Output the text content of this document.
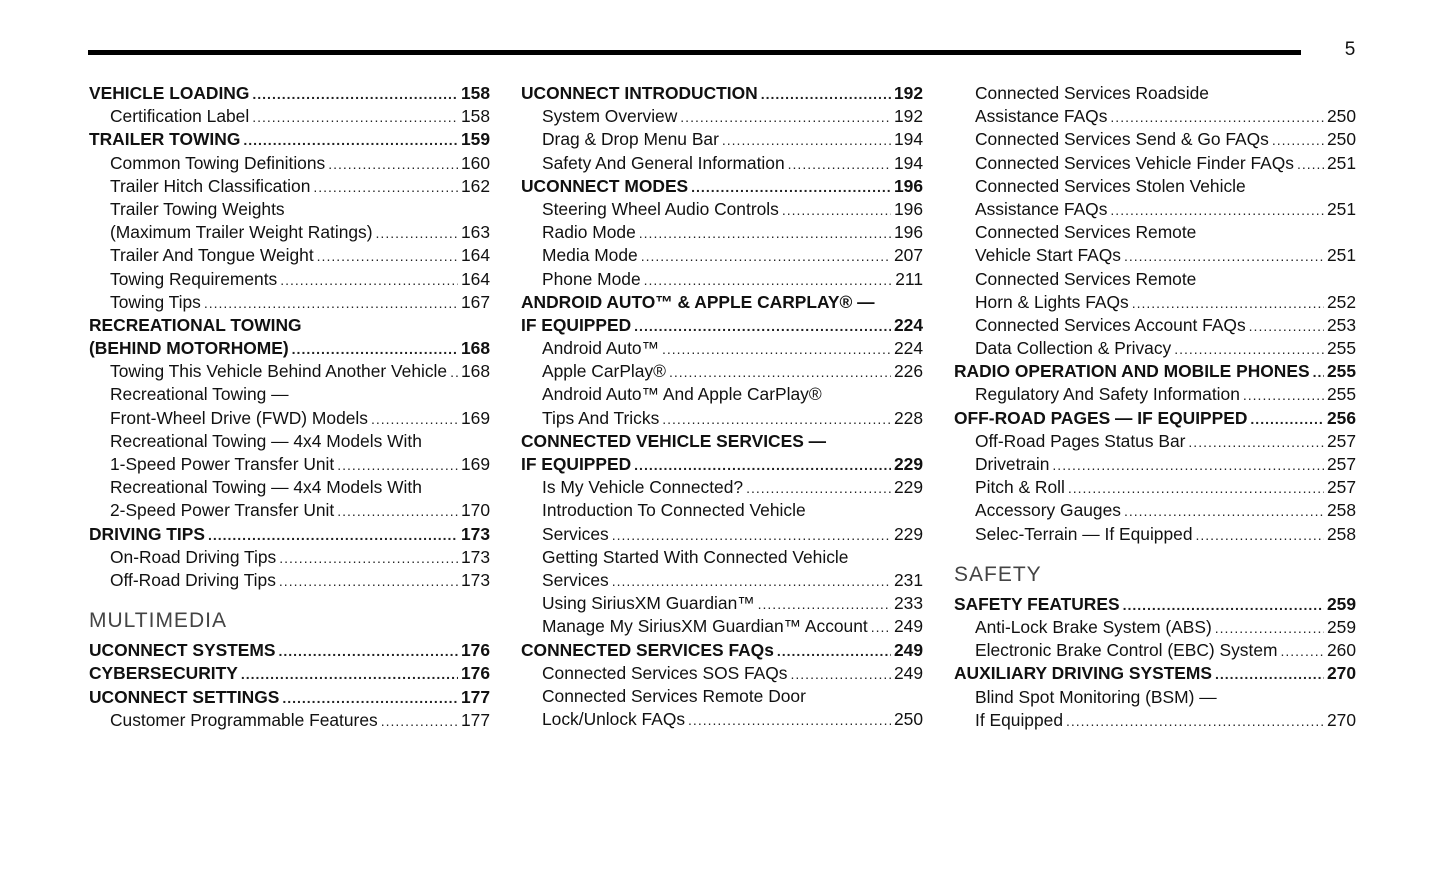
5
VEHICLE LOADING .....	158
Certification Label .....	158
TRAILER TOWING .....	159
Common Towing Definitions .....	160
Trailer Hitch Classification .....	162
Trailer Towing Weights
(Maximum Trailer Weight Ratings) .....	163
Trailer And Tongue Weight .....	164
Towing Requirements .....	164
Towing Tips .....	167
RECREATIONAL TOWING
(BEHIND MOTORHOME) .....	168
Towing This Vehicle Behind Another Vehicle ..... 168
Recreational Towing —
Front-Wheel Drive (FWD) Models .....	169
Recreational Towing — 4x4 Models With
1-Speed Power Transfer Unit .....	169
Recreational Towing — 4x4 Models With
2-Speed Power Transfer Unit .....	170
DRIVING TIPS .....	173
On-Road Driving Tips .....	173
Off-Road Driving Tips .....	173
MULTIMEDIA
UCONNECT SYSTEMS .....	176
CYBERSECURITY .....	176
UCONNECT SETTINGS .....	177
Customer Programmable Features .....	177
UCONNECT INTRODUCTION .....	192
System Overview .....	192
Drag & Drop Menu Bar .....	194
Safety And General Information .....	194
UCONNECT MODES .....	196
Steering Wheel Audio Controls .....	196
Radio Mode .....	196
Media Mode .....	207
Phone Mode .....	211
ANDROID AUTO™ & APPLE CARPLAY® —
IF EQUIPPED .....	224
Android Auto™ .....	224
Apple CarPlay® .....	226
Android Auto™ And Apple CarPlay®
Tips And Tricks .....	228
CONNECTED VEHICLE SERVICES —
IF EQUIPPED .....	229
Is My Vehicle Connected? .....	229
Introduction To Connected Vehicle
Services .....	229
Getting Started With Connected Vehicle
Services .....	231
Using SiriusXM Guardian™ .....	233
Manage My SiriusXM Guardian™ Account ..... 249
CONNECTED SERVICES FAQs .....	249
Connected Services SOS FAQs .....	249
Connected Services Remote Door
Lock/Unlock FAQs .....	250
Connected Services Roadside
Assistance FAQs .....	250
Connected Services Send & Go FAQs .....	250
Connected Services Vehicle Finder FAQs ..... 251
Connected Services Stolen Vehicle
Assistance FAQs .....	251
Connected Services Remote
Vehicle Start FAQs .....	251
Connected Services Remote
Horn & Lights FAQs .....	252
Connected Services Account FAQs .....	253
Data Collection & Privacy .....	255
RADIO OPERATION AND MOBILE PHONES ..... 255
Regulatory And Safety Information .....	255
OFF-ROAD PAGES — IF EQUIPPED .....	256
Off-Road Pages Status Bar .....	257
Drivetrain .....	257
Pitch & Roll .....	257
Accessory Gauges .....	258
Selec-Terrain — If Equipped .....	258
SAFETY
SAFETY FEATURES .....	259
Anti-Lock Brake System (ABS) .....	259
Electronic Brake Control (EBC) System .....	260
AUXILIARY DRIVING SYSTEMS .....	270
Blind Spot Monitoring (BSM) —
If Equipped .....	270
